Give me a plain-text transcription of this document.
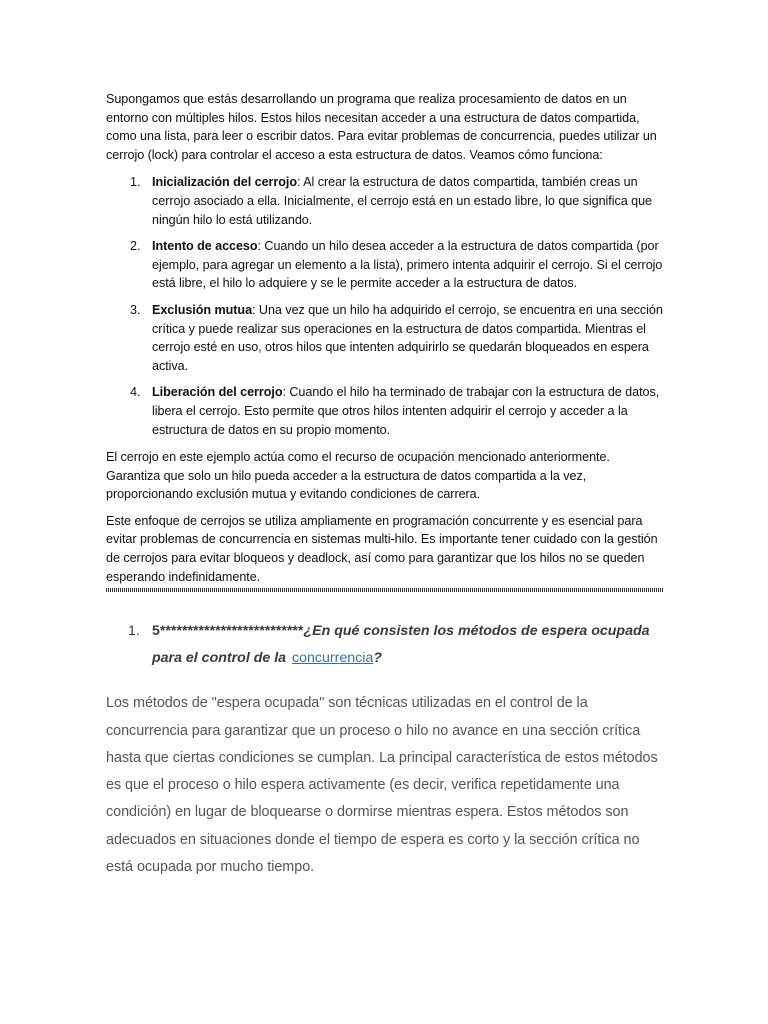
Supongamos que estás desarrollando un programa que realiza procesamiento de datos en un entorno con múltiples hilos. Estos hilos necesitan acceder a una estructura de datos compartida, como una lista, para leer o escribir datos. Para evitar problemas de concurrencia, puedes utilizar un cerrojo (lock) para controlar el acceso a esta estructura de datos. Veamos cómo funciona:

1. Inicialización del cerrojo: Al crear la estructura de datos compartida, también creas un cerrojo asociado a ella. Inicialmente, el cerrojo está en un estado libre, lo que significa que ningún hilo lo está utilizando.
2. Intento de acceso: Cuando un hilo desea acceder a la estructura de datos compartida (por ejemplo, para agregar un elemento a la lista), primero intenta adquirir el cerrojo. Si el cerrojo está libre, el hilo lo adquiere y se le permite acceder a la estructura de datos.
3. Exclusión mutua: Una vez que un hilo ha adquirido el cerrojo, se encuentra en una sección crítica y puede realizar sus operaciones en la estructura de datos compartida. Mientras el cerrojo esté en uso, otros hilos que intenten adquirirlo se quedarán bloqueados en espera activa.
4. Liberación del cerrojo: Cuando el hilo ha terminado de trabajar con la estructura de datos, libera el cerrojo. Esto permite que otros hilos intenten adquirir el cerrojo y acceder a la estructura de datos en su propio momento.

El cerrojo en este ejemplo actúa como el recurso de ocupación mencionado anteriormente. Garantiza que solo un hilo pueda acceder a la estructura de datos compartida a la vez, proporcionando exclusión mutua y evitando condiciones de carrera.

Este enfoque de cerrojos se utiliza ampliamente en programación concurrente y es esencial para evitar problemas de concurrencia en sistemas multi-hilo. Es importante tener cuidado con la gestión de cerrojos para evitar bloqueos y deadlock, así como para garantizar que los hilos no se queden esperando indefinidamente.

1. 5**************************¿En qué consisten los métodos de espera ocupada para el control de la concurrencia?

Los métodos de "espera ocupada" son técnicas utilizadas en el control de la concurrencia para garantizar que un proceso o hilo no avance en una sección crítica hasta que ciertas condiciones se cumplan. La principal característica de estos métodos es que el proceso o hilo espera activamente (es decir, verifica repetidamente una condición) en lugar de bloquearse o dormirse mientras espera. Estos métodos son adecuados en situaciones donde el tiempo de espera es corto y la sección crítica no está ocupada por mucho tiempo.
